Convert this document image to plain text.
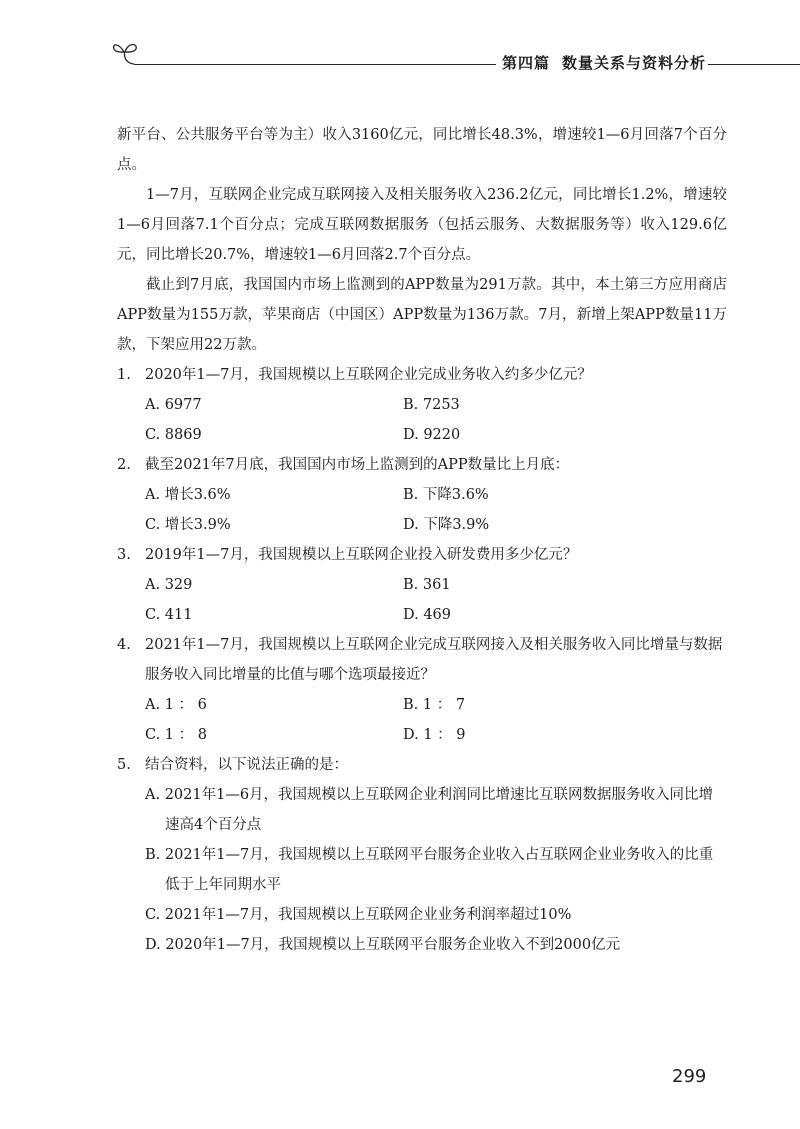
第四篇 数量关系与资料分析

新平台、公共服务平台等为主）收入3160亿元，同比增长48.3%，增速较1—6月回落7个百分点。

1—7月，互联网企业完成互联网接入及相关服务收入236.2亿元，同比增长1.2%，增速较1—6月回落7.1个百分点；完成互联网数据服务（包括云服务、大数据服务等）收入129.6亿元，同比增长20.7%，增速较1—6月回落2.7个百分点。

截止到7月底，我国国内市场上监测到的APP数量为291万款。其中，本土第三方应用商店APP数量为155万款，苹果商店（中国区）APP数量为136万款。7月，新增上架APP数量11万款，下架应用22万款。

1. 2020年1—7月，我国规模以上互联网企业完成业务收入约多少亿元？
A. 6977	B. 7253
C. 8869	D. 9220
2. 截至2021年7月底，我国国内市场上监测到的APP数量比上月底：
A. 增长3.6%	B. 下降3.6%
C. 增长3.9%	D. 下降3.9%
3. 2019年1—7月，我国规模以上互联网企业投入研发费用多少亿元？
A. 329	B. 361
C. 411	D. 469
4. 2021年1—7月，我国规模以上互联网企业完成互联网接入及相关服务收入同比增量与数据服务收入同比增量的比值与哪个选项最接近？
A. 1 ： 6	B. 1 ： 7
C. 1 ： 8	D. 1 ： 9
5. 结合资料，以下说法正确的是：
A. 2021年1—6月，我国规模以上互联网企业利润同比增速比互联网数据服务收入同比增速高4个百分点
B. 2021年1—7月，我国规模以上互联网平台服务企业收入占互联网企业业务收入的比重低于上年同期水平
C. 2021年1—7月，我国规模以上互联网企业业务利润率超过10%
D. 2020年1—7月，我国规模以上互联网平台服务企业收入不到2000亿元
299
